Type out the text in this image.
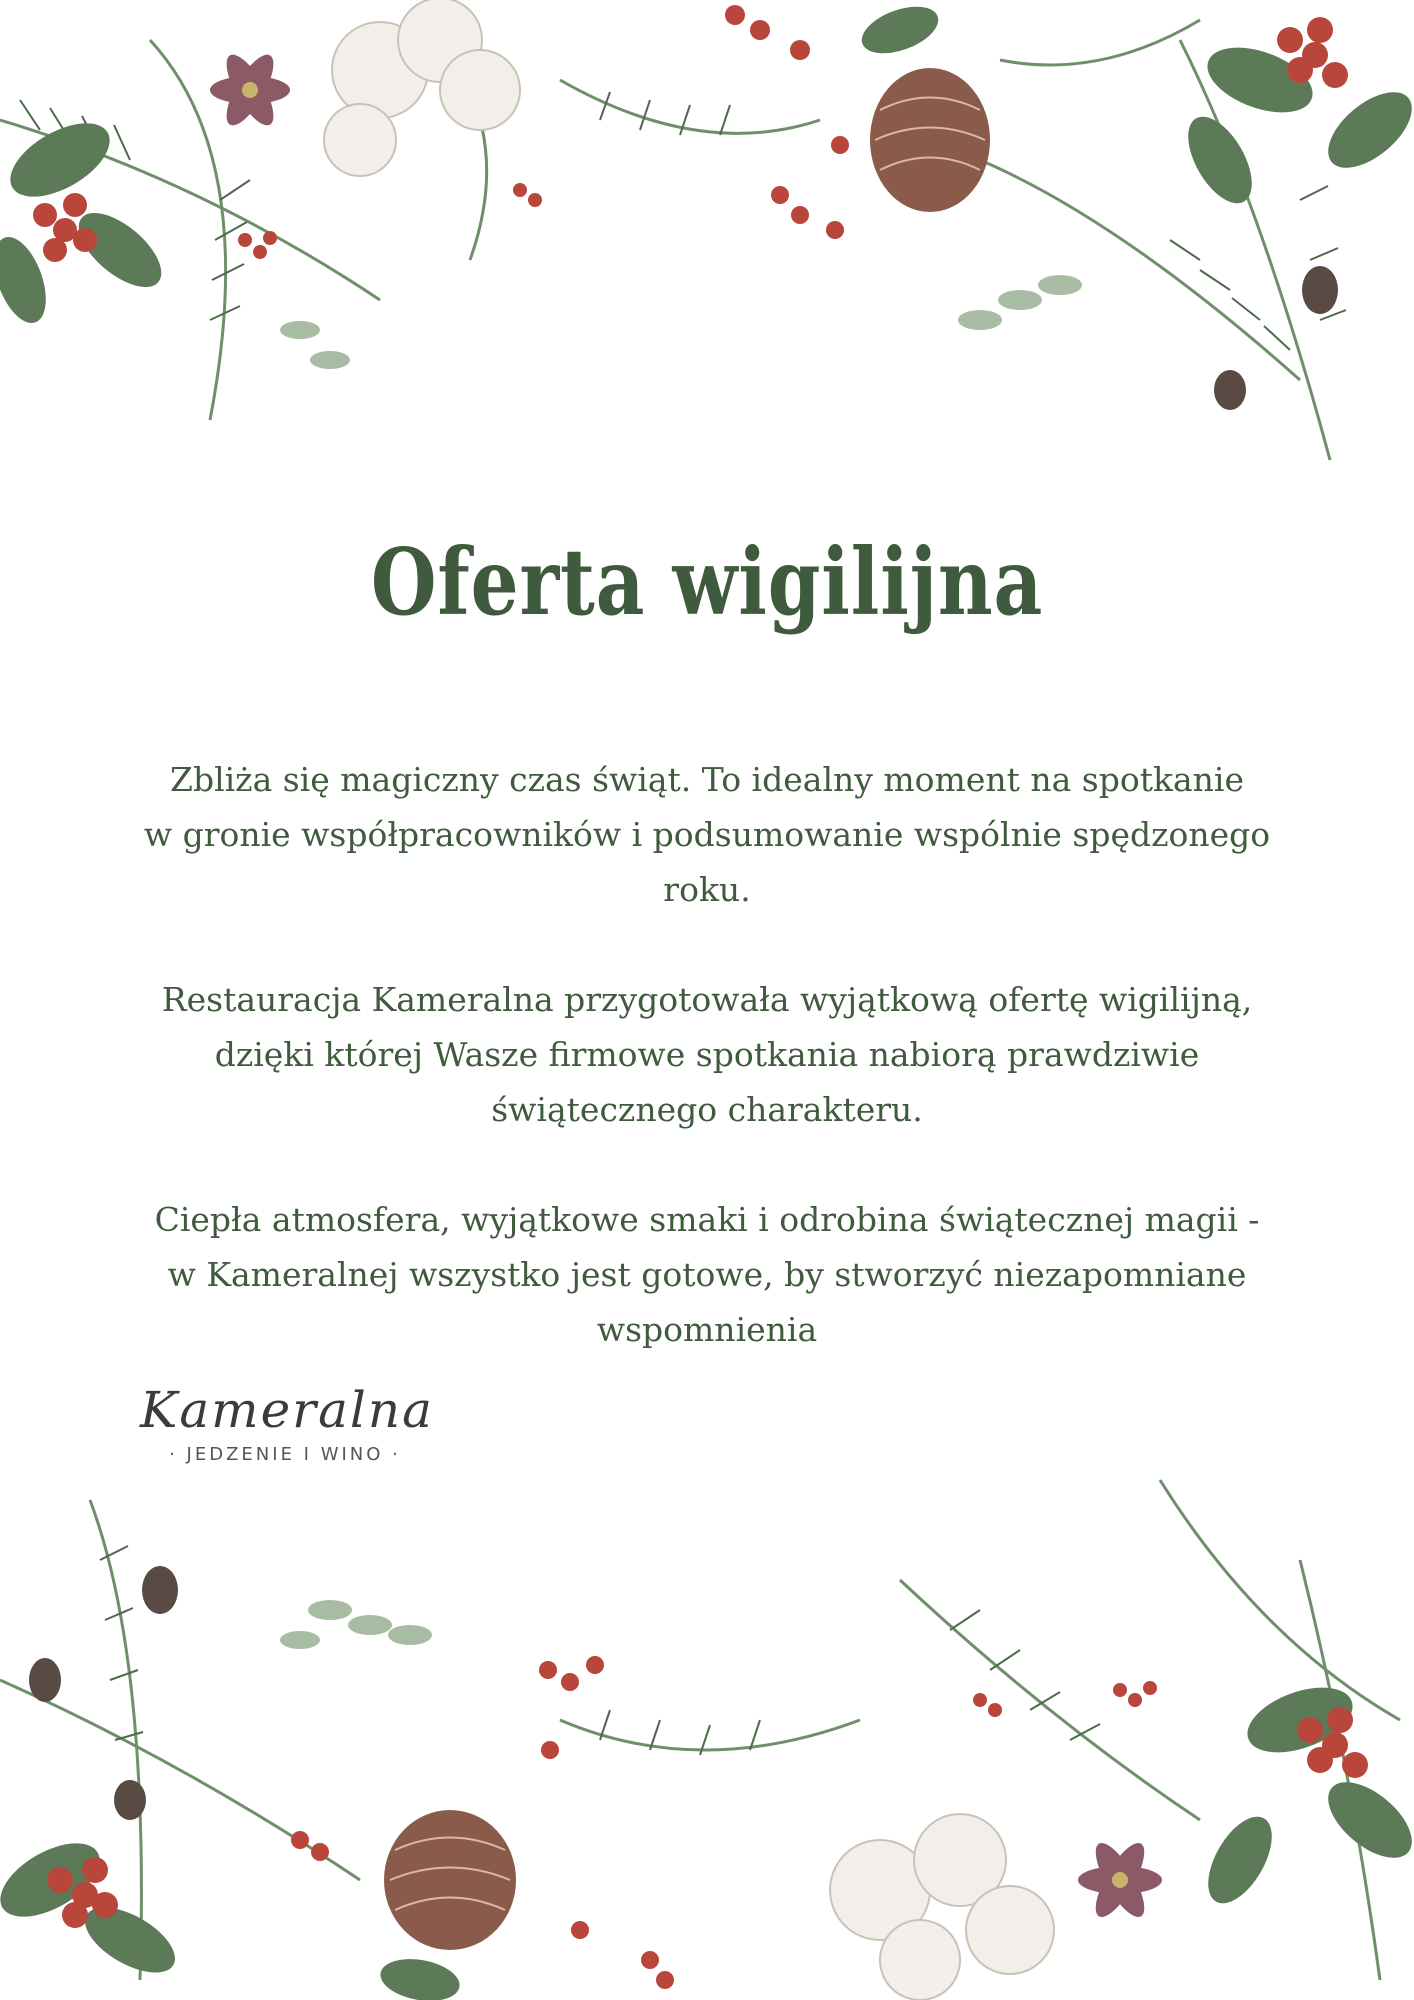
Oferta wigilijna

Zbliża się magiczny czas świąt. To idealny moment na spotkanie
w gronie współpracowników i podsumowanie wspólnie spędzonego
roku.

Restauracja Kameralna przygotowała wyjątkową ofertę wigilijną,
dzięki której Wasze firmowe spotkania nabiorą prawdziwie
świątecznego charakteru.

Ciepła atmosfera, wyjątkowe smaki i odrobina świątecznej magii -
w Kameralnej wszystko jest gotowe, by stworzyć niezapomniane
wspomnienia

Kameralna
· JEDZENIE I WINO ·
